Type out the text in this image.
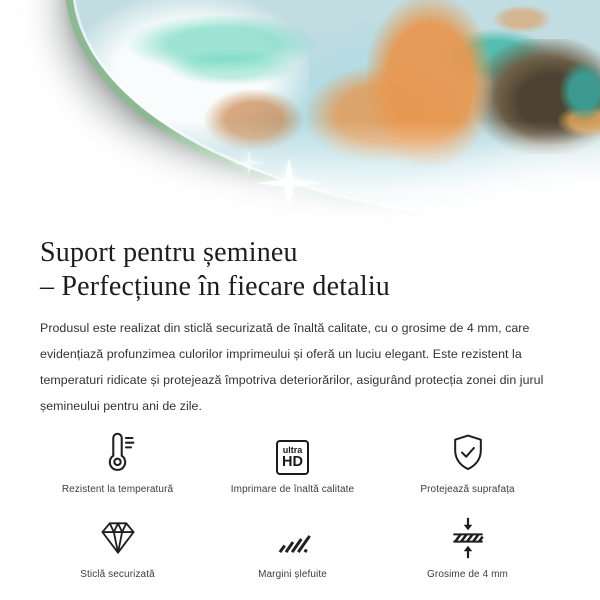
Suport pentru șemineu
– Perfecțiune în fiecare detaliu

Produsul este realizat din sticlă securizată de înaltă calitate, cu o grosime de 4 mm, care evidențiază profunzimea culorilor imprimeului și oferă un luciu elegant. Este rezistent la temperaturi ridicate și protejează împotriva deteriorărilor, asigurând protecția zonei din jurul șemineului pentru ani de zile.

Rezistent la temperatură
ultra
HD
Imprimare de înaltă calitate	Protejează suprafața
Sticlă securizată	Margini șlefuite	Grosime de 4 mm
